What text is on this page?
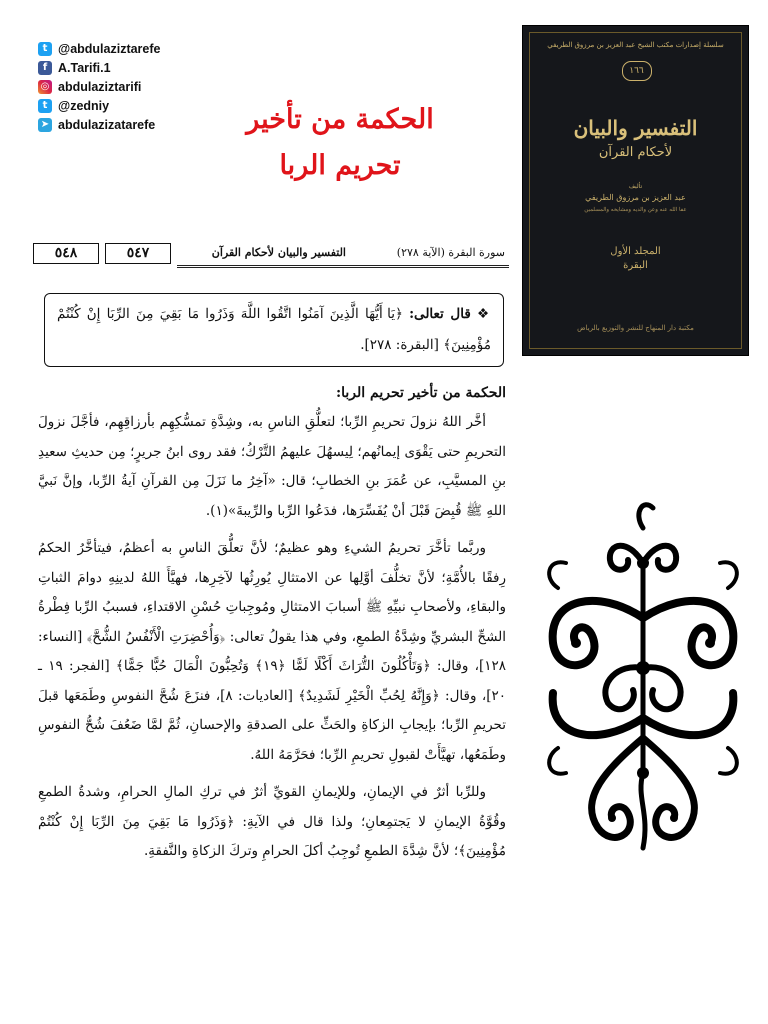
t @abdulaziztarefe
f A.Tarifi.1
◎ abdulaziztarifi
t @zedniy
➤ abdulazizatarefe	الحكمة من تأخير
تحريم الربا
سلسلة إصدارات مكتب الشيخ عبد العزيز بن مرزوق الطريفي
١٦٦
التفسير والبيان
لأحكام القرآن
تأليف
عبد العزيز بن مرزوق الطريفي
عفا الله عنه وعن والديه ومشايخه والمسلمين
المجلد الأول
البقرة
مكتبة دار المنهاج للنشر والتوزيع بالرياض
٥٤٨	٥٤٧	التفسير والبيان لأحكام القرآن	سورة البقرة (الآية ٢٧٨)
❖ قال تعالى: ﴿يَا أَيُّهَا الَّذِينَ آمَنُوا اتَّقُوا اللَّهَ وَذَرُوا مَا بَقِيَ مِنَ الرِّبَا إِنْ كُنْتُمْ مُؤْمِنِينَ﴾ [البقرة: ٢٧٨].
الحكمة من تأخير تحريم الربا:

أخَّر اللهُ نزولَ تحريمِ الرِّبا؛ لتعلُّقِ الناسِ به، وشِدَّةِ تمسُّكِهِم بأرزاقِهِم، فأجَّلَ نزولَ التحريمِ حتى يَقْوَى إيمانُهم؛ لِيسهُلَ عليهمُ التَّرْكُ؛ فقد روى ابنُ جريرٍ؛ مِن حديثِ سعيدِ بنِ المسيَّبِ، عن عُمَرَ بنِ الخطابِ؛ قال: «آخِرُ ما نَزَلَ مِن القرآنِ آيةُ الرِّبا، وإنَّ نَبيَّ اللهِ ﷺ قُبِضَ قَبْلَ أنْ يُفَسِّرَها، فدَعُوا الرِّبا والرِّيبةَ»(١).

وربَّما تأخَّرَ تحريمُ الشيءِ وهو عظيمٌ؛ لأنَّ تعلُّقَ الناسِ به أعظمُ، فيتأخَّرُ الحكمُ رِفقًا بالأُمَّةِ؛ لأنَّ تخلُّفَ أوَّلِها عن الامتثالِ يُورِثُها لآخِرِها، فهيَّأَ اللهُ لدينِهِ دوامَ الثباتِ والبقاءِ، ولأصحابِ نبيِّهِ ﷺ أسبابَ الامتثالِ ومُوجِباتِ حُسْنِ الاقتداءِ، فسببُ الرِّبا فِطْرةُ الشحِّ البشريِّ وشِدَّةُ الطمعِ، وفي هذا يقولُ تعالى: ﴿وَأُحْضِرَتِ الْأَنْفُسُ الشُّحَّ﴾ [النساء: ١٢٨]، وقال: ﴿وَتَأْكُلُونَ التُّرَاثَ أَكْلًا لَمًّا ﴿١٩﴾ وَتُحِبُّونَ الْمَالَ حُبًّا جَمًّا﴾ [الفجر: ١٩ ـ ٢٠]، وقال: ﴿وَإِنَّهُ لِحُبِّ الْخَيْرِ لَشَدِيدٌ﴾ [العاديات: ٨]، فنزَعَ شُحَّ النفوسِ وطَمَعَها قبلَ تحريمِ الرِّبا؛ بإيجابِ الزكاةِ والحَثِّ على الصدقةِ والإحسانِ، ثُمَّ لمَّا ضَعُفَ شُحُّ النفوسِ وطَمَعُها، تهيَّأَتْ لقبولِ تحريمِ الرِّبا؛ فحَرَّمَهُ اللهُ.

وللرِّبا أثرٌ في الإيمانِ، وللإيمانِ القويِّ أثرٌ في تركِ المالِ الحرامِ، وشدةُ الطمعِ وقُوَّةُ الإيمانِ لا يَجتمِعانِ؛ ولذا قال في الآيةِ: ﴿وَذَرُوا مَا بَقِيَ مِنَ الرِّبَا إِنْ كُنْتُمْ مُؤْمِنِينَ﴾؛ لأنَّ شِدَّةَ الطمعِ تُوجِبُ أكلَ الحرامِ وتركَ الزكاةِ والنَّفقةِ.
